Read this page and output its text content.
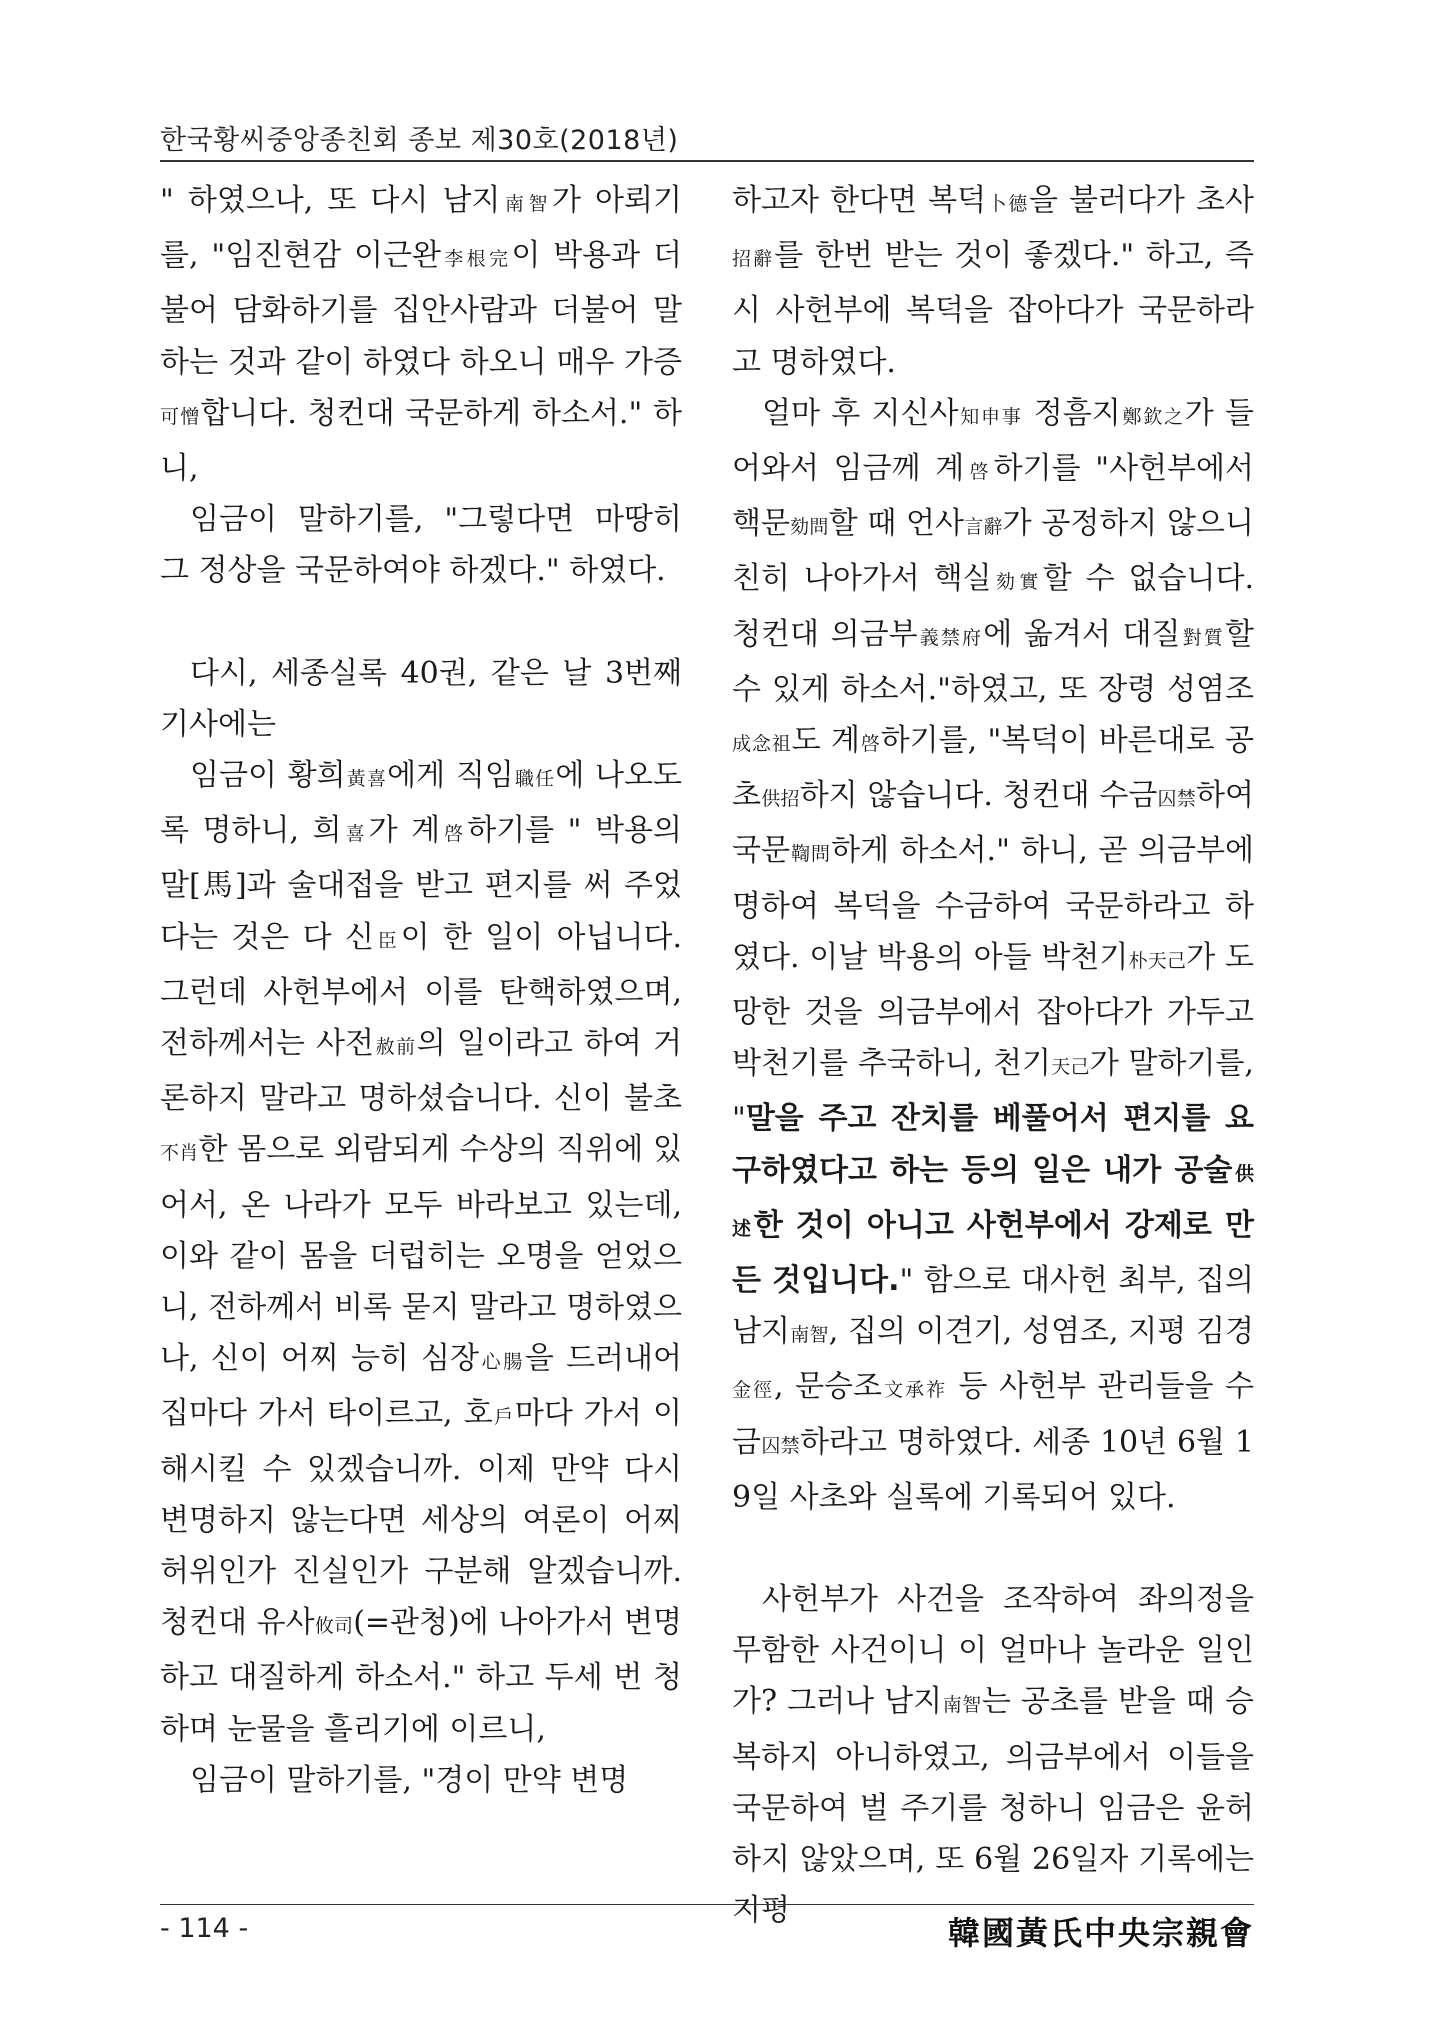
한국황씨중앙종친회 종보 제30호(2018년)

" 하였으나, 또 다시 남지南智가 아뢰기를, "임진현감 이근완李根完이 박용과 더불어 담화하기를 집안사람과 더불어 말하는 것과 같이 하였다 하오니 매우 가증可憎합니다. 청컨대 국문하게 하소서." 하니,

임금이 말하기를, "그렇다면 마땅히 그 정상을 국문하여야 하겠다." 하였다.

다시, 세종실록 40권, 같은 날 3번째 기사에는

임금이 황희黃喜에게 직임職任에 나오도록 명하니, 희喜가 계啓하기를 " 박용의 말[馬]과 술대접을 받고 편지를 써 주었다는 것은 다 신臣이 한 일이 아닙니다. 그런데 사헌부에서 이를 탄핵하였으며, 전하께서는 사전赦前의 일이라고 하여 거론하지 말라고 명하셨습니다. 신이 불초不肖한 몸으로 외람되게 수상의 직위에 있어서, 온 나라가 모두 바라보고 있는데, 이와 같이 몸을 더럽히는 오명을 얻었으니, 전하께서 비록 묻지 말라고 명하였으나, 신이 어찌 능히 심장心腸을 드러내어 집마다 가서 타이르고, 호戶마다 가서 이해시킬 수 있겠습니까. 이제 만약 다시 변명하지 않는다면 세상의 여론이 어찌 허위인가 진실인가 구분해 알겠습니까. 청컨대 유사攸司(=관청)에 나아가서 변명하고 대질하게 하소서." 하고 두세 번 청하며 눈물을 흘리기에 이르니,

임금이 말하기를, "경이 만약 변명

하고자 한다면 복덕卜德을 불러다가 초사招辭를 한번 받는 것이 좋겠다." 하고, 즉시 사헌부에 복덕을 잡아다가 국문하라고 명하였다.

얼마 후 지신사知申事 정흠지鄭欽之가 들어와서 임금께 계啓하기를 "사헌부에서 핵문劾問할 때 언사言辭가 공정하지 않으니 친히 나아가서 핵실劾實할 수 없습니다. 청컨대 의금부義禁府에 옮겨서 대질對質할 수 있게 하소서."하였고, 또 장령 성염조成念祖도 계啓하기를, "복덕이 바른대로 공초供招하지 않습니다. 청컨대 수금囚禁하여 국문鞫問하게 하소서." 하니, 곧 의금부에 명하여 복덕을 수금하여 국문하라고 하였다. 이날 박용의 아들 박천기朴天己가 도망한 것을 의금부에서 잡아다가 가두고 박천기를 추국하니, 천기天己가 말하기를, "말을 주고 잔치를 베풀어서 편지를 요구하였다고 하는 등의 일은 내가 공술供述한 것이 아니고 사헌부에서 강제로 만든 것입니다." 함으로 대사헌 최부, 집의 남지南智, 집의 이견기, 성염조, 지평 김경金徑, 문승조文承祚 등 사헌부 관리들을 수금囚禁하라고 명하였다. 세종 10년 6월 19일 사초와 실록에 기록되어 있다.

사헌부가 사건을 조작하여 좌의정을 무함한 사건이니 이 얼마나 놀라운 일인가? 그러나 남지南智는 공초를 받을 때 승복하지 아니하였고, 의금부에서 이들을 국문하여 벌 주기를 청하니 임금은 윤허하지 않았으며, 또 6월 26일자 기록에는 지평

- 114 -	韓國黃氏中央宗親會
